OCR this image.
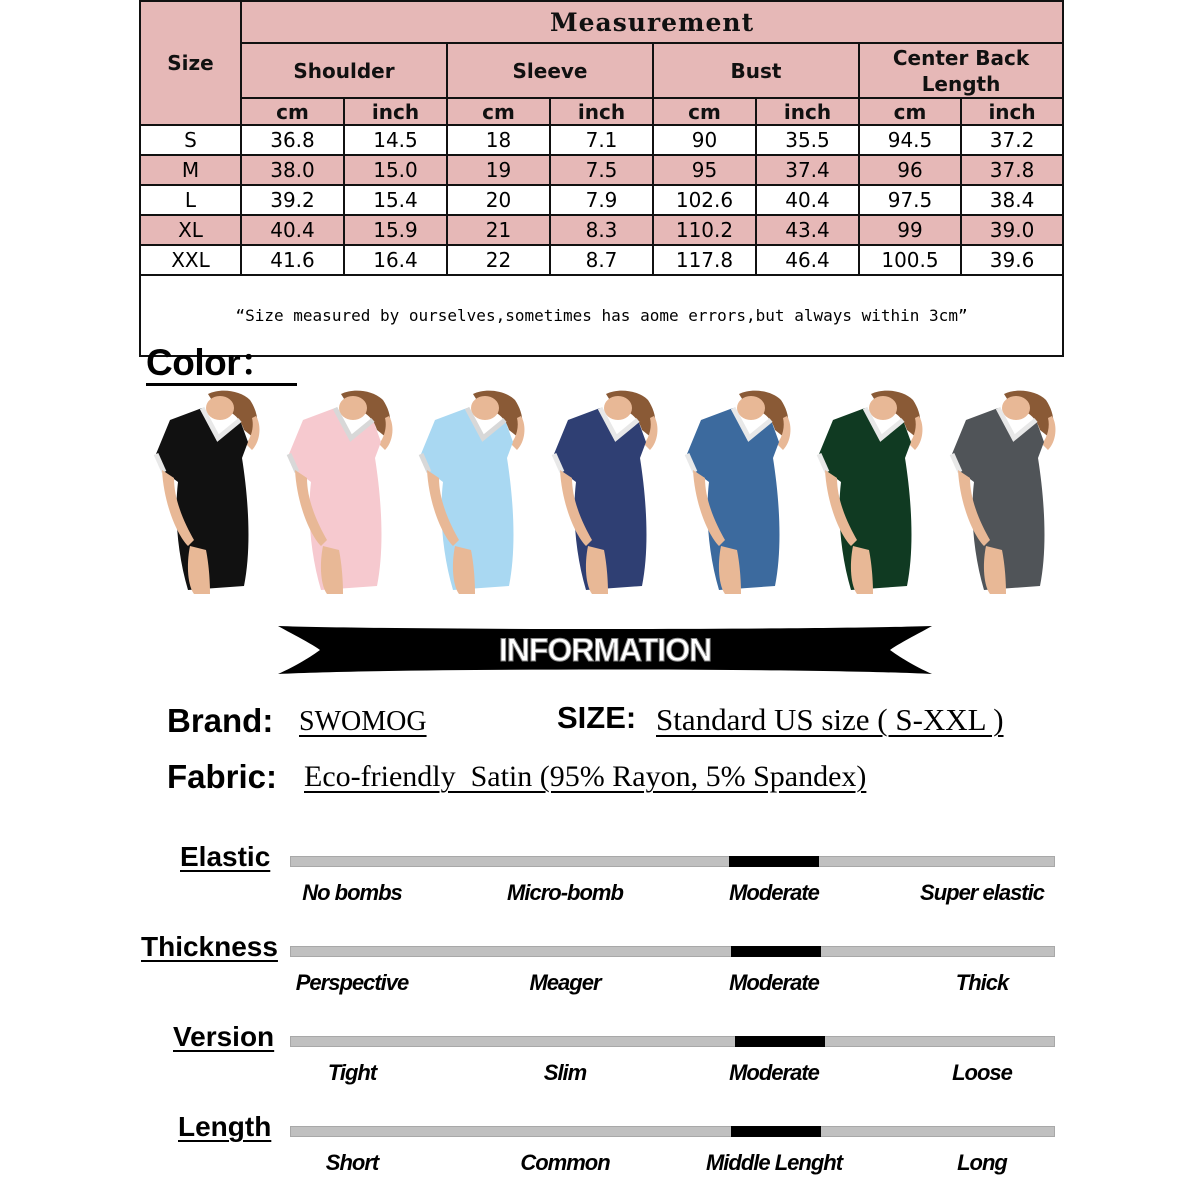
Size	Measurement							
	Shoulder		Sleeve		Bust		Center Back Length	
	cm	inch	cm	inch	cm	inch	cm	inch
S	36.8	14.5	18	7.1	90	35.5	94.5	37.2
M	38.0	15.0	19	7.5	95	37.4	96	37.8
L	39.2	15.4	20	7.9	102.6	40.4	97.5	38.4
XL	40.4	15.9	21	8.3	110.2	43.4	99	39.0
XXL	41.6	16.4	22	8.7	117.8	46.4	100.5	39.6
“Size measured by ourselves,sometimes has aome errors,but always within 3cm”								
Color：
INFORMATION
Brand: SWOMOG	SIZE: Standard US size ( S-XXL )
Fabric: Eco-friendly  Satin (95% Rayon, 5% Spandex)
Elastic
No bombs	Micro-bomb	Moderate	Super elastic
Thickness
Perspective	Meager	Moderate	Thick
Version
Tight	Slim	Moderate	Loose
Length
Short	Common	Middle Lenght	Long
